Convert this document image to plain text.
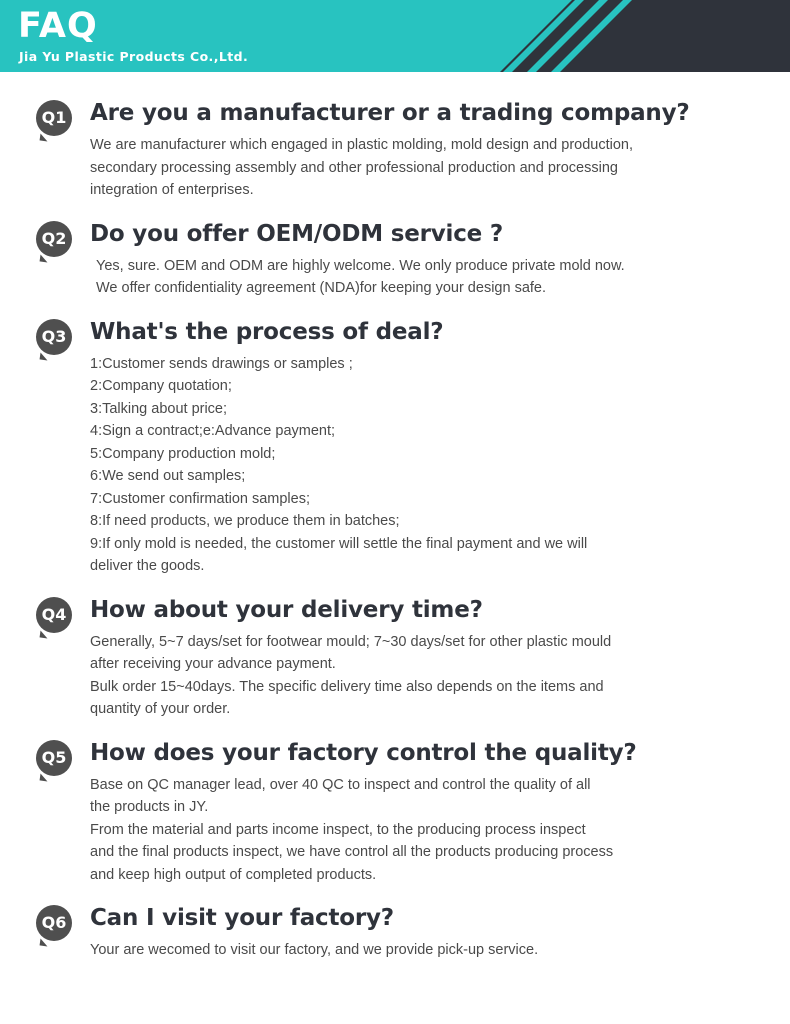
FAQ
Jia Yu Plastic Products Co.,Ltd.
Q1 Are you a manufacturer or a trading company?

We are manufacturer which engaged in plastic molding, mold design and production,
secondary processing assembly and other professional production and processing
integration of enterprises.
Q2 Do you offer OEM/ODM service ?

Yes, sure. OEM and ODM are highly welcome. We only produce private mold now.
We offer confidentiality agreement (NDA)for keeping your design safe.
Q3 What's the process of deal?

1:Customer sends drawings or samples ;
2:Company quotation;
3:Talking about price;
4:Sign a contract;e:Advance payment;
5:Company production mold;
6:We send out samples;
7:Customer confirmation samples;
8:If need products, we produce them in batches;
9:If only mold is needed, the customer will settle the final payment and we will
deliver the goods.
Q4 How about your delivery time?

Generally, 5~7 days/set for footwear mould; 7~30 days/set for other plastic mould
after receiving your advance payment.
Bulk order 15~40days. The specific delivery time also depends on the items and
quantity of your order.
Q5 How does your factory control the quality?

Base on QC manager lead, over 40 QC to inspect and control the quality of all
the products in JY.
From the material and parts income inspect, to the producing process inspect
and the final products inspect, we have control all the products producing process
and keep high output of completed products.
Q6 Can I visit your factory?

Your are wecomed to visit our factory, and we provide pick-up service.
